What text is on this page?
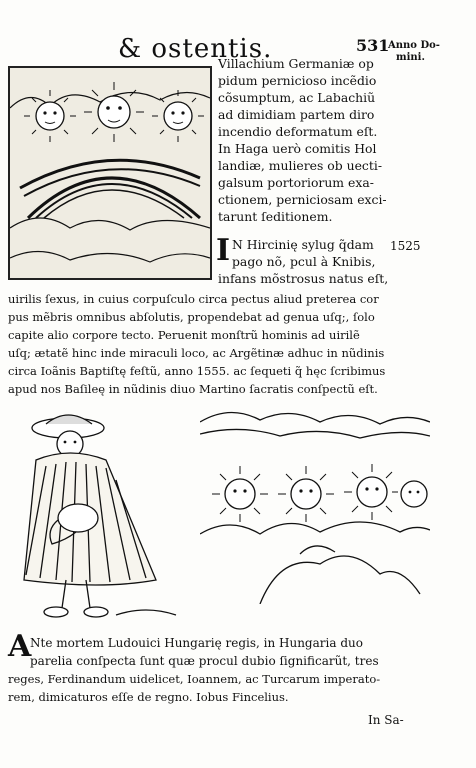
& ostentis.	531
Anno Do-
mini.
Villachium Germaniæ op
pidum pernicioso incẽdio
cõsumptum, ac Labachiũ
ad dimidiam partem diro
incendio deformatum eſt.
In Haga uerò comitis Hol
landiæ, mulieres ob uecti-
galsum portoriorum exa-
ctionem, perniciosam exci-
tarunt ſeditionem.
I N Hircinię sylug q̃dam 1525
pago nõ, pcul à Knibis,
infans mõstrosus natus eſt,
uirilis ſexus, in cuius corpuſculo circa pectus aliud preterea cor
pus mẽbris omnibus abſolutis, propendebat ad genua uſq;, ſolo
capite alio corpore tecto. Peruenit monſtrũ hominis ad uirilẽ
uſq; ætatẽ hinc inde miraculi loco, ac Argẽtinæ adhuc in nũdinis
circa Ioãnis Baptiſtę feſtũ, anno 1555. ac ſequeti q̃ hęc ſcribimus
apud nos Baſileę in nũdinis diuo Martino ſacratis conſpectũ eſt.
A
Nte mortem Ludouici Hungarię regis, in Hungaria duo
parelia conſpecta ſunt quæ procul dubio ſignificarũt, tres
reges, Ferdinandum uidelicet, Ioannem, ac Turcarum imperato-
rem, dimicaturos eſſe de regno. Iobus Fincelius.
In Sa-
